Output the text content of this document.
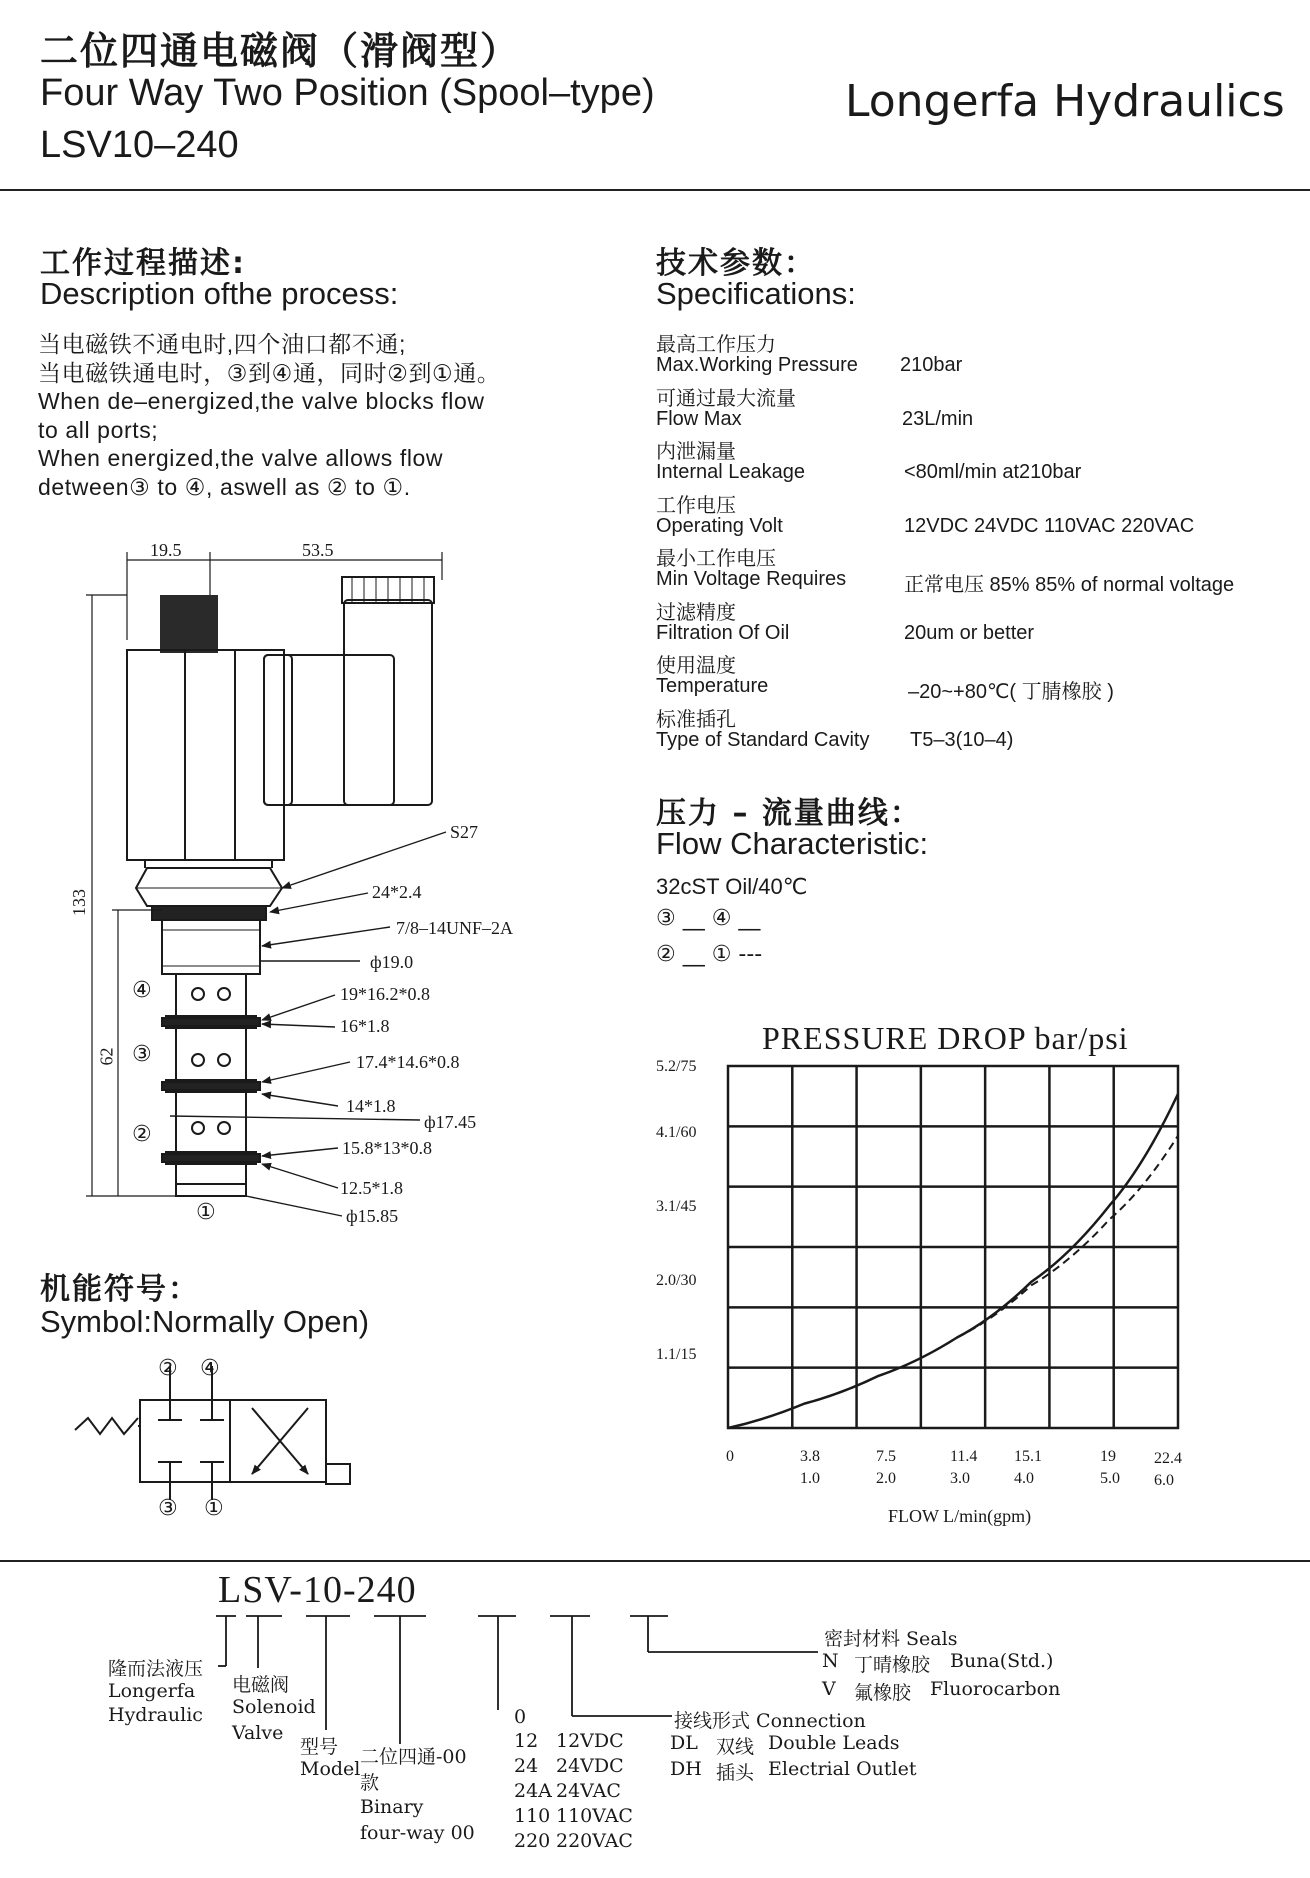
二位四通电磁阀（滑阀型）
Four Way Two Position (Spool–type)
LSV10–240
Longerfa Hydraulics
工作过程描述:
Description ofthe process:
当电磁铁不通电时,四个油口都不通;
当电磁铁通电时，③到④通，同时②到①通。
When de–energized,the valve blocks flow
to all ports;
When energized,the valve allows flow
detween③ to ④, aswell as ② to ①.
技术参数：
Specifications:
最高工作压力
Max.Working Pressure 210bar
可通过最大流量
Flow Max	23L/min
内泄漏量
Internal Leakage	<80ml/min at210bar
工作电压
Operating Volt	12VDC 24VDC 110VAC 220VAC
最小工作电压
Min Voltage Requires	正常电压 85% 85% of normal voltage
过滤精度
Filtration Of Oil	20um or better
使用温度
Temperature	–20~+80℃( 丁腈橡胶 )
标准插孔
Type of Standard Cavity T5–3(10–4)
压力 – 流量曲线：
Flow Characteristic:
32cST Oil/40℃
③ __ ④ __
② __ ① ---
PRESSURE DROP bar/psi
5.2/75
4.1/60
3.1/45
2.0/30
1.1/15
0	3.8	7.5	11.4 15.1	19 22.4
1.0	2.0	3.0	4.0	5.0 6.0
FLOW L/min(gpm)
19.5	53.5
133
62
S27
24*2.4
7/8–14UNF–2A
ф19.0
19*16.2*0.8
16*1.8
17.4*14.6*0.8
14*1.8
ф17.45
15.8*13*0.8
12.5*1.8
ф15.85
④
③
②
①
机能符号：
Symbol:Normally Open)
② ④
③ ①
LSV-10-240
隆而法液压
Longerfa
Hydraulic
电磁阀
Solenoid
Valve
型号
Model
二位四通-00
款
Binary
four-way 00
0
12 12VDC
24 24VDC
24A 24VAC
110 110VAC
220 220VAC
接线形式 Connection
DL 双线 Double Leads
DH 插头 Electrial Outlet
密封材料 Seals
N 丁晴橡胶 Buna(Std.)
V 氟橡胶 Fluorocarbon
